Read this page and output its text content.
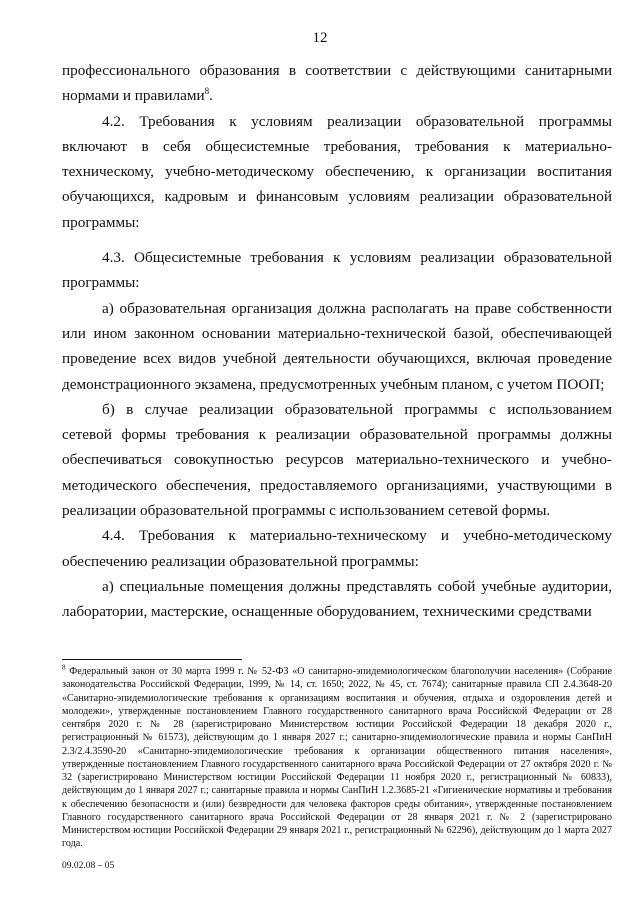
12

профессионального образования в соответствии с действующими санитарными нормами и правилами$^8$.

4.2. Требования к условиям реализации образовательной программы включают в себя общесистемные требования, требования к материально-техническому, учебно-методическому обеспечению, к организации воспитания обучающихся, кадровым и финансовым условиям реализации образовательной программы:

4.3. Общесистемные требования к условиям реализации образовательной программы:

а) образовательная организация должна располагать на праве собственности или ином законном основании материально-технической базой, обеспечивающей проведение всех видов учебной деятельности обучающихся, включая проведение демонстрационного экзамена, предусмотренных учебным планом, с учетом ПООП;

б) в случае реализации образовательной программы с использованием сетевой формы требования к реализации образовательной программы должны обеспечиваться совокупностью ресурсов материально-технического и учебно-методического обеспечения, предоставляемого организациями, участвующими в реализации образовательной программы с использованием сетевой формы.

4.4. Требования к материально-техническому и учебно-методическому обеспечению реализации образовательной программы:

а) специальные помещения должны представлять собой учебные аудитории, лаборатории, мастерские, оснащенные оборудованием, техническими средствами

$^8$ Федеральный закон от 30 марта 1999 г. № 52-ФЗ «О санитарно-эпидемиологическом благополучии населения» (Собрание законодательства Российской Федерации, 1999, № 14, ст. 1650; 2022, № 45, ст. 7674); санитарные правила СП 2.4.3648-20 «Санитарно-эпидемиологические требования к организациям воспитания и обучения, отдыха и оздоровления детей и молодежи», утвержденные постановлением Главного государственного санитарного врача Российской Федерации от 28 сентября 2020 г. № 28 (зарегистрировано Министерством юстиции Российской Федерации 18 декабря 2020 г., регистрационный № 61573), действующим до 1 января 2027 г.; санитарно-эпидемиологические правила и нормы СанПиН 2.3/2.4.3590-20 «Санитарно-эпидемиологические требования к организации общественного питания населения», утвержденные постановлением Главного государственного санитарного врача Российской Федерации от 27 октября 2020 г. № 32 (зарегистрировано Министерством юстиции Российской Федерации 11 ноября 2020 г., регистрационный № 60833), действующим до 1 января 2027 г.; санитарные правила и нормы СанПиН 1.2.3685-21 «Гигиенические нормативы и требования к обеспечению безопасности и (или) безвредности для человека факторов среды обитания», утвержденные постановлением Главного государственного санитарного врача Российской Федерации от 28 января 2021 г. № 2 (зарегистрировано Министерством юстиции Российской Федерации 29 января 2021 г., регистрационный № 62296), действующим до 1 марта 2027 года.

09.02.08 – 05
